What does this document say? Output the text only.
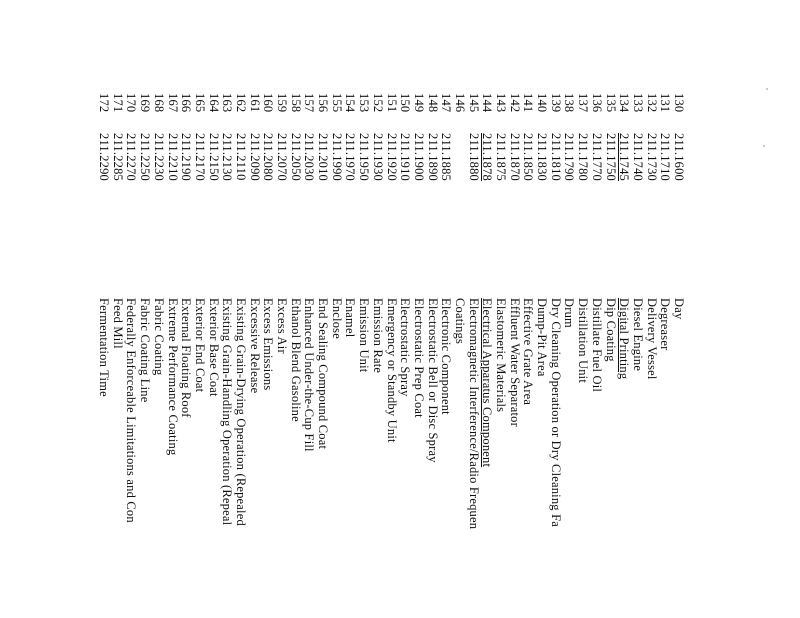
130
211.1600
Day
131
211.1710
Degreaser
132
211.1730
Delivery Vessel
133
211.1740
Diesel Engine
134
211.1745
Digital Printing
135
211.1750
Dip Coating
136
211.1770
Distillate Fuel Oil
137
211.1780
Distillation Unit
138
211.1790
Drum
139
211.1810
Dry Cleaning Operation or Dry Cleaning Fa
140
211.1830
Dump-Pit Area
141
211.1850
Effective Grate Area
142
211.1870
Effluent Water Separator
143
211.1875
Elastomeric Materials
144
211.1878
Electrical Apparatus Component
145
211.1880
Electromagnetic Interference/Radio Frequen
146
Coatings
147
211.1885
Electronic Component
148
211.1890
Electrostatic Bell or Disc Spray
149
211.1900
Electrostatic Prep Coat
150
211.1910
Electrostatic Spray
151
211.1920
Emergency or Standby Unit
152
211.1930
Emission Rate
153
211.1950
Emission Unit
154
211.1970
Enamel
155
211.1990
Enclose
156
211.2010
End Sealing Compound Coat
157
211.2030
Enhanced Under-the-Cup Fill
158
211.2050
Ethanol Blend Gasoline
159
211.2070
Excess Air
160
211.2080
Excess Emissions
161
211.2090
Excessive Release
162
211.2110
Existing Grain-Drying Operation (Repealed
163
211.2130
Existing Grain-Handling Operation (Repeal
164
211.2150
Exterior Base Coat
165
211.2170
Exterior End Coat
166
211.2190
External Floating Roof
167
211.2210
Extreme Performance Coating
168
211.2230
Fabric Coating
169
211.2250
Fabric Coating Line
170
211.2270
Federally Enforceable Limitations and Con
171
211.2285
Feed Mill
172
211.2290
Fermentation Time
